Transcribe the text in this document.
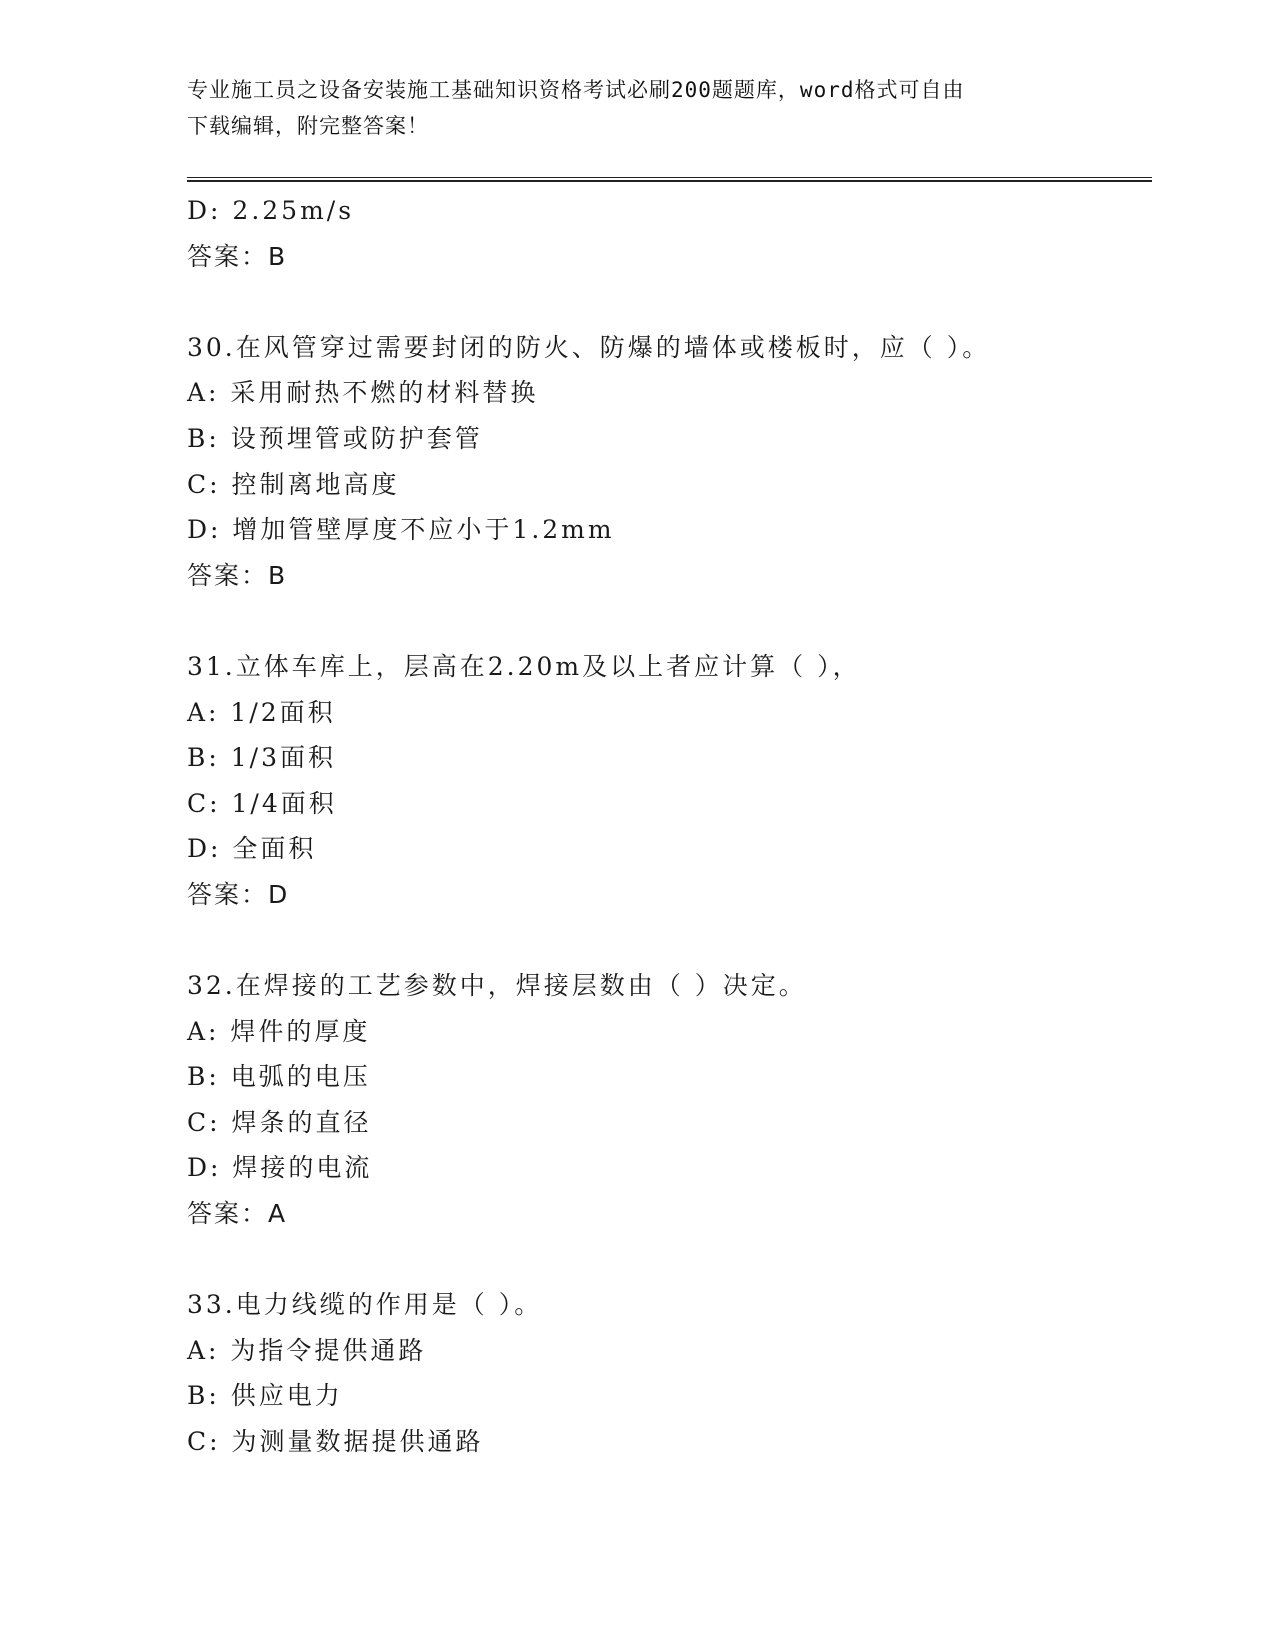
专业施工员之设备安装施工基础知识资格考试必刷200题题库，word格式可自由
下载编辑，附完整答案！
D: 2.25m/s
答案：B
30.在风管穿过需要封闭的防火、防爆的墙体或楼板时，应（ ）。
A: 采用耐热不燃的材料替换
B: 设预埋管或防护套管
C: 控制离地高度
D: 增加管壁厚度不应小于1.2mm
答案：B
31.立体车库上，层高在2.20m及以上者应计算（ ），
A: 1/2面积
B: 1/3面积
C: 1/4面积
D: 全面积
答案：D
32.在焊接的工艺参数中，焊接层数由（ ）决定。
A: 焊件的厚度
B: 电弧的电压
C: 焊条的直径
D: 焊接的电流
答案：A
33.电力线缆的作用是（ ）。
A: 为指令提供通路
B: 供应电力
C: 为测量数据提供通路
